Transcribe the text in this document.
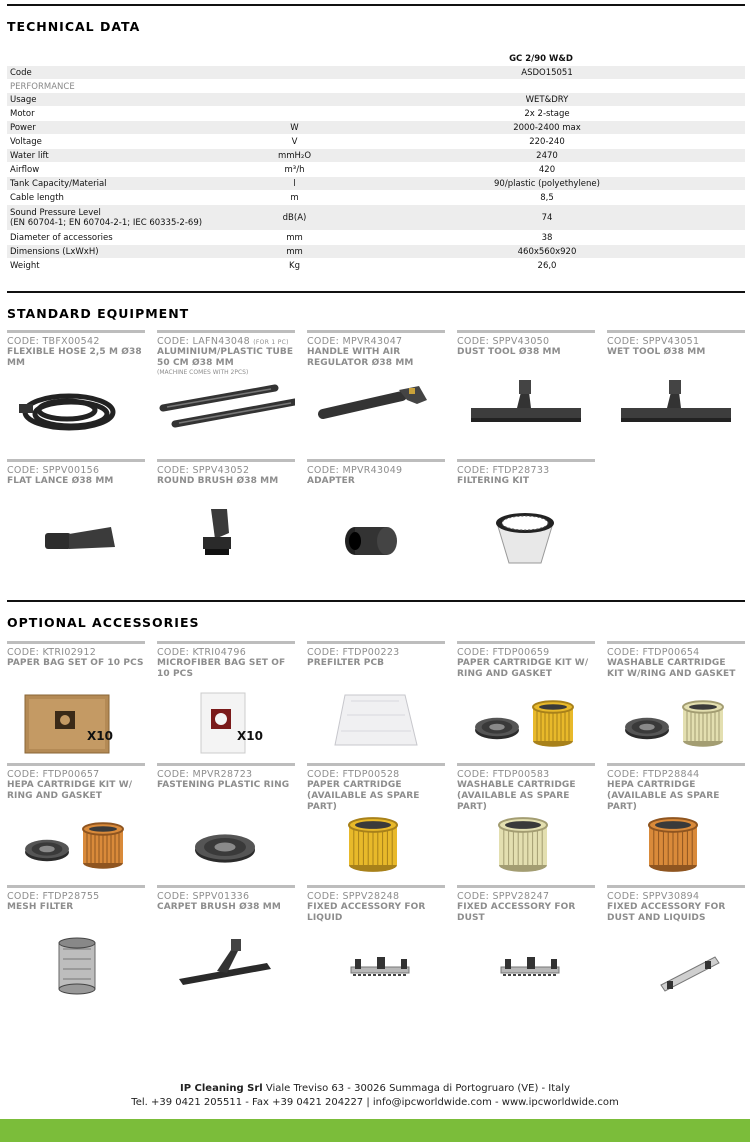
TECHNICAL DATA
GC 2/90 W&D
Code	ASDO15051
PERFORMANCE
Usage	WET&DRY
Motor	2x 2-stage
Power	W	2000-2400 max
Voltage	V	220-240
Water lift	mmH₂O	2470
Airflow	m³/h	420
Tank Capacity/Material	l	90/plastic (polyethylene)
Cable length	m	8,5
Sound Pressure Level
(EN 60704-1; EN 60704-2-1; IEC 60335-2-69)	dB(A)	74
Diameter of accessories	mm	38
Dimensions (LxWxH)	mm	460x560x920
Weight	Kg	26,0
STANDARD EQUIPMENT
CODE: TBFX00542
FLEXIBLE HOSE 2,5 M Ø38 MM
CODE: LAFN43048 (FOR 1 PC)
ALUMINIUM/PLASTIC TUBE 50 CM Ø38 MM
(MACHINE COMES WITH 2PCS)
CODE: MPVR43047
HANDLE WITH AIR REGULATOR Ø38 MM
CODE: SPPV43050
DUST TOOL Ø38 MM
CODE: SPPV43051
WET TOOL Ø38 MM
CODE: SPPV00156
FLAT LANCE Ø38 MM
CODE: SPPV43052
ROUND BRUSH Ø38 MM
CODE: MPVR43049
ADAPTER
CODE: FTDP28733
FILTERING KIT
OPTIONAL ACCESSORIES
CODE: KTRI02912
PAPER BAG SET OF 10 PCS
X10
CODE: KTRI04796
MICROFIBER BAG SET OF 10 PCS
X10
CODE: FTDP00223
PREFILTER PCB
CODE: FTDP00659
PAPER CARTRIDGE KIT W/ RING AND GASKET
CODE: FTDP00654
WASHABLE CARTRIDGE KIT W/RING AND GASKET
CODE: FTDP00657
HEPA CARTRIDGE KIT W/ RING AND GASKET
CODE: MPVR28723
FASTENING PLASTIC RING
CODE: FTDP00528
PAPER CARTRIDGE (AVAILABLE AS SPARE PART)
CODE: FTDP00583
WASHABLE CARTRIDGE (AVAILABLE AS SPARE PART)
CODE: FTDP28844
HEPA CARTRIDGE (AVAILABLE AS SPARE PART)
CODE: FTDP28755
MESH FILTER
CODE: SPPV01336
CARPET BRUSH Ø38 MM
CODE: SPPV28248
FIXED ACCESSORY FOR LIQUID
CODE: SPPV28247
FIXED ACCESSORY FOR DUST
CODE: SPPV30894
FIXED ACCESSORY FOR DUST AND LIQUIDS
IP Cleaning Srl Viale Treviso 63 - 30026 Summaga di Portogruaro (VE) - Italy
Tel. +39 0421 205511 - Fax +39 0421 204227 | info@ipcworldwide.com - www.ipcworldwide.com
